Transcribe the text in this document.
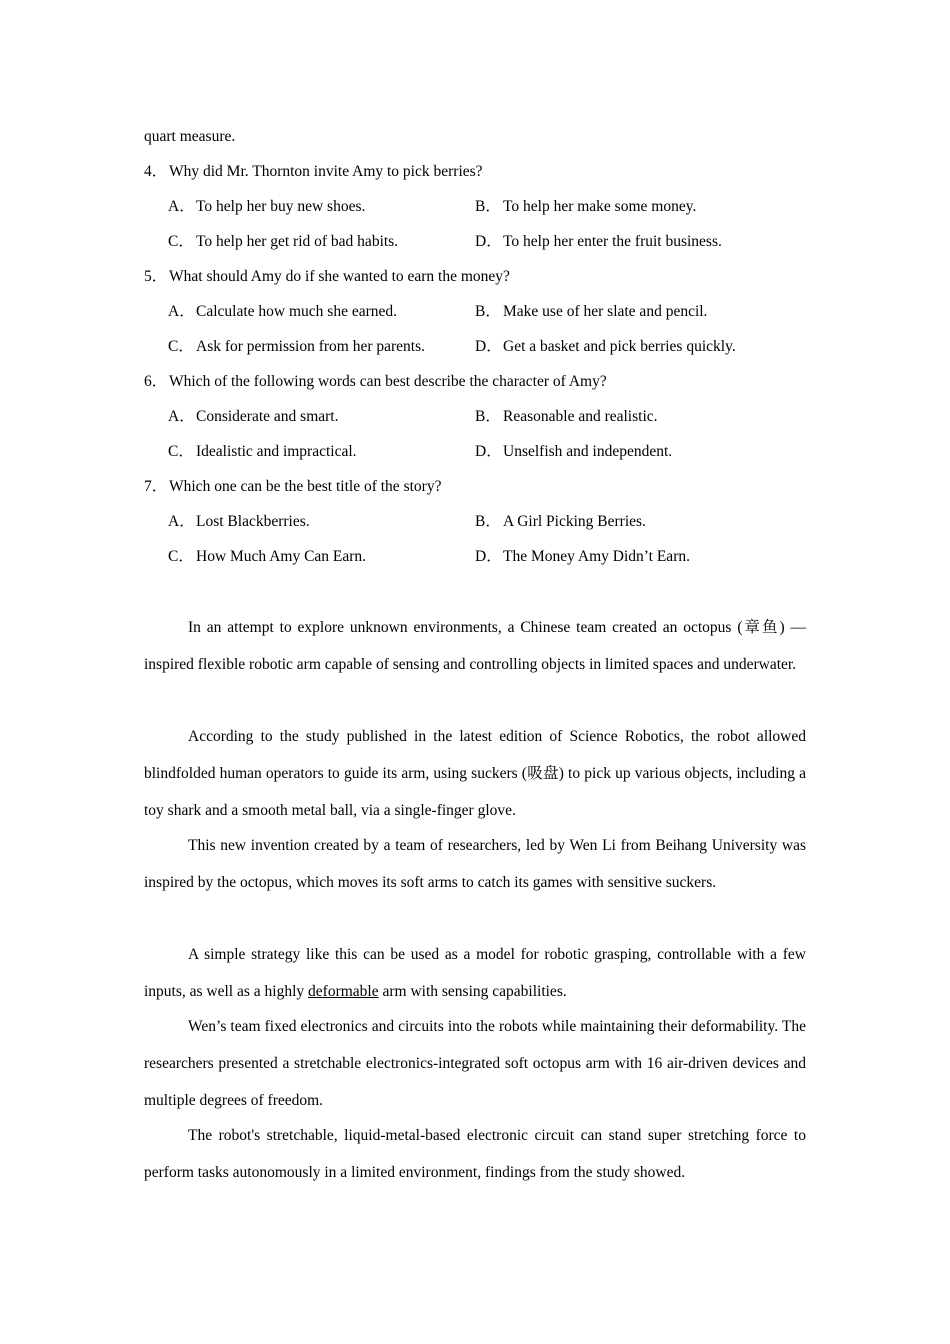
quart measure.
4． Why did Mr. Thornton invite Amy to pick berries?
A．To help her buy new shoes.	B． To help her make some money.
C． To help her get rid of bad habits.	D．To help her enter the fruit business.
5． What should Amy do if she wanted to earn the money?
A．Calculate how much she earned.	B． Make use of her slate and pencil.
C． Ask for permission from her parents.	D．Get a basket and pick berries quickly.
6． Which of the following words can best describe the character of Amy?
A．Considerate and smart.	B． Reasonable and realistic.
C． Idealistic and impractical.	D．Unselfish and independent.
7． Which one can be the best title of the story?
A．Lost Blackberries.	B． A Girl Picking Berries.
C． How Much Amy Can Earn.	D．The Money Amy Didn’t Earn.

In an attempt to explore unknown environments, a Chinese team created an octopus (章鱼) — inspired flexible robotic arm capable of sensing and controlling objects in limited spaces and underwater.

According to the study published in the latest edition of Science Robotics, the robot allowed blindfolded human operators to guide its arm, using suckers (吸盘) to pick up various objects, including a toy shark and a smooth metal ball, via a single-finger glove.

This new invention created by a team of researchers, led by Wen Li from Beihang University was inspired by the octopus, which moves its soft arms to catch its games with sensitive suckers.

A simple strategy like this can be used as a model for robotic grasping, controllable with a few inputs, as well as a highly deformable arm with sensing capabilities.

Wen’s team fixed electronics and circuits into the robots while maintaining their deformability. The researchers presented a stretchable electronics-integrated soft octopus arm with 16 air-driven devices and multiple degrees of freedom.

The robot's stretchable, liquid-metal-based electronic circuit can stand super stretching force to perform tasks autonomously in a limited environment, findings from the study showed.
